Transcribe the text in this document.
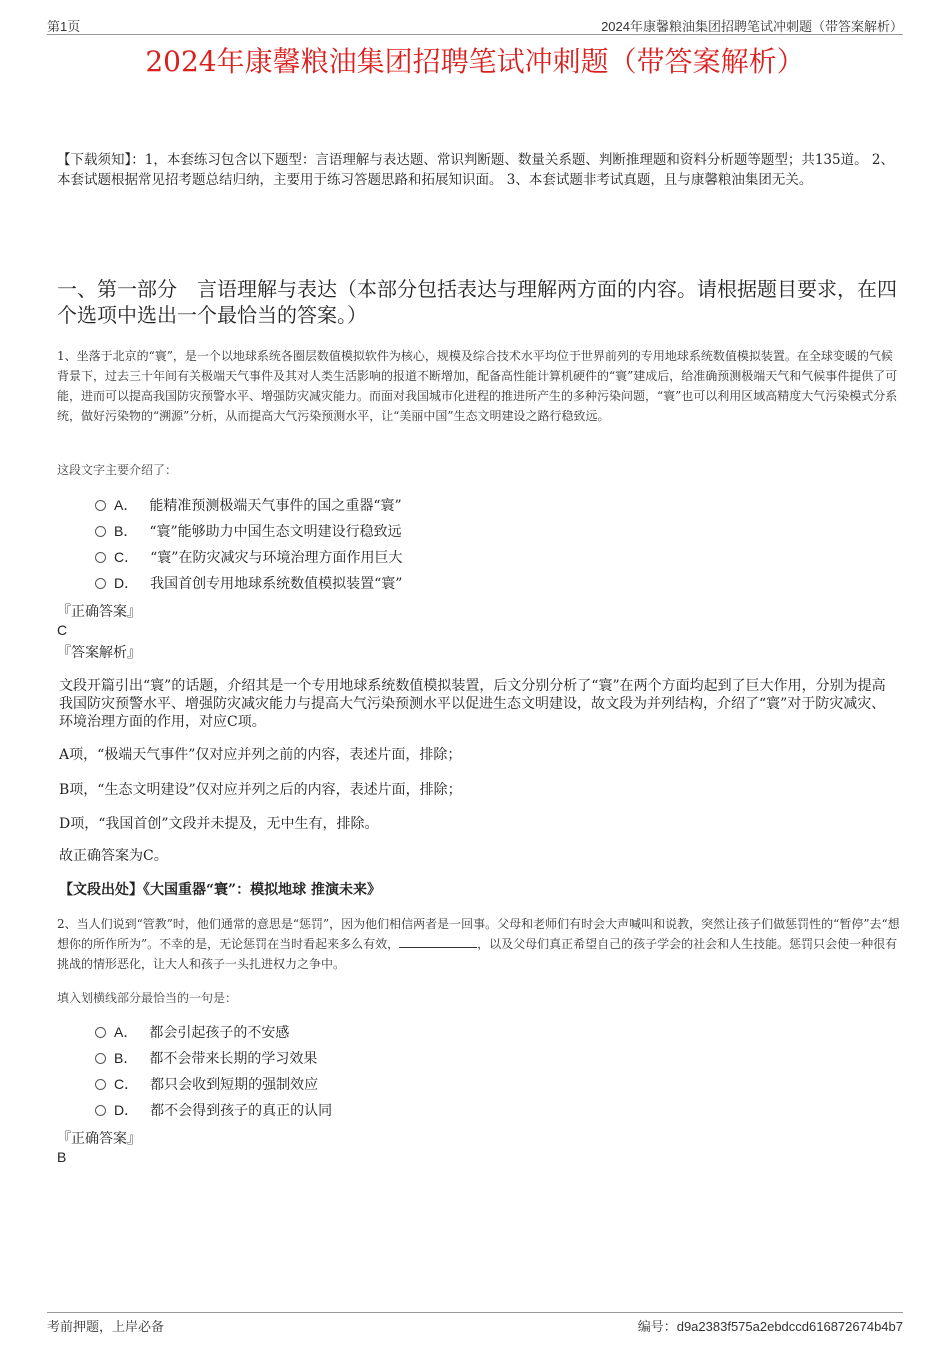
第1页	2024年康馨粮油集团招聘笔试冲刺题（带答案解析）
2024年康馨粮油集团招聘笔试冲刺题（带答案解析）
【下载须知】：1，本套练习包含以下题型：言语理解与表达题、常识判断题、数量关系题、判断推理题和资料分析题等题型；共135道。 2、本套试题根据常见招考题总结归纳，主要用于练习答题思路和拓展知识面。 3、本套试题非考试真题，且与康馨粮油集团无关。
一、第一部分　言语理解与表达（本部分包括表达与理解两方面的内容。请根据题目要求，在四个选项中选出一个最恰当的答案。）
1、坐落于北京的“寰”，是一个以地球系统各圈层数值模拟软件为核心，规模及综合技术水平均位于世界前列的专用地球系统数值模拟装置。在全球变暖的气候背景下，过去三十年间有关极端天气事件及其对人类生活影响的报道不断增加，配备高性能计算机硬件的“寰”建成后，给准确预测极端天气和气候事件提供了可能，进而可以提高我国防灾预警水平、增强防灾减灾能力。而面对我国城市化进程的推进所产生的多种污染问题，“寰”也可以利用区域高精度大气污染模式分系统，做好污染物的“溯源”分析，从而提高大气污染预测水平，让“美丽中国”生态文明建设之路行稳致远。
这段文字主要介绍了：
A． 能精准预测极端天气事件的国之重器“寰”
B． “寰”能够助力中国生态文明建设行稳致远
C． “寰”在防灾减灾与环境治理方面作用巨大
D． 我国首创专用地球系统数值模拟装置“寰”
『正确答案』
C
『答案解析』
文段开篇引出“寰”的话题，介绍其是一个专用地球系统数值模拟装置，后文分别分析了“寰”在两个方面均起到了巨大作用，分别为提高我国防灾预警水平、增强防灾减灾能力与提高大气污染预测水平以促进生态文明建设，故文段为并列结构，介绍了“寰”对于防灾减灾、环境治理方面的作用，对应C项。
A项，“极端天气事件”仅对应并列之前的内容，表述片面，排除；
B项，“生态文明建设”仅对应并列之后的内容，表述片面，排除；
D项，“我国首创”文段并未提及，无中生有，排除。
故正确答案为C。
【文段出处】《大国重器“寰”：模拟地球 推演未来》
2、当人们说到“管教”时，他们通常的意思是“惩罚”，因为他们相信两者是一回事。父母和老师们有时会大声喊叫和说教，突然让孩子们做惩罚性的“暂停”去“想想你的所作所为”。不幸的是，无论惩罚在当时看起来多么有效，	，以及父母们真正希望自己的孩子学会的社会和人生技能。惩罚只会使一种很有挑战的情形恶化，让大人和孩子一头扎进权力之争中。
填入划横线部分最恰当的一句是：
A． 都会引起孩子的不安感
B． 都不会带来长期的学习效果
C． 都只会收到短期的强制效应
D． 都不会得到孩子的真正的认同
『正确答案』
B
考前押题，上岸必备	编号：d9a2383f575a2ebdccd616872674b4b7
